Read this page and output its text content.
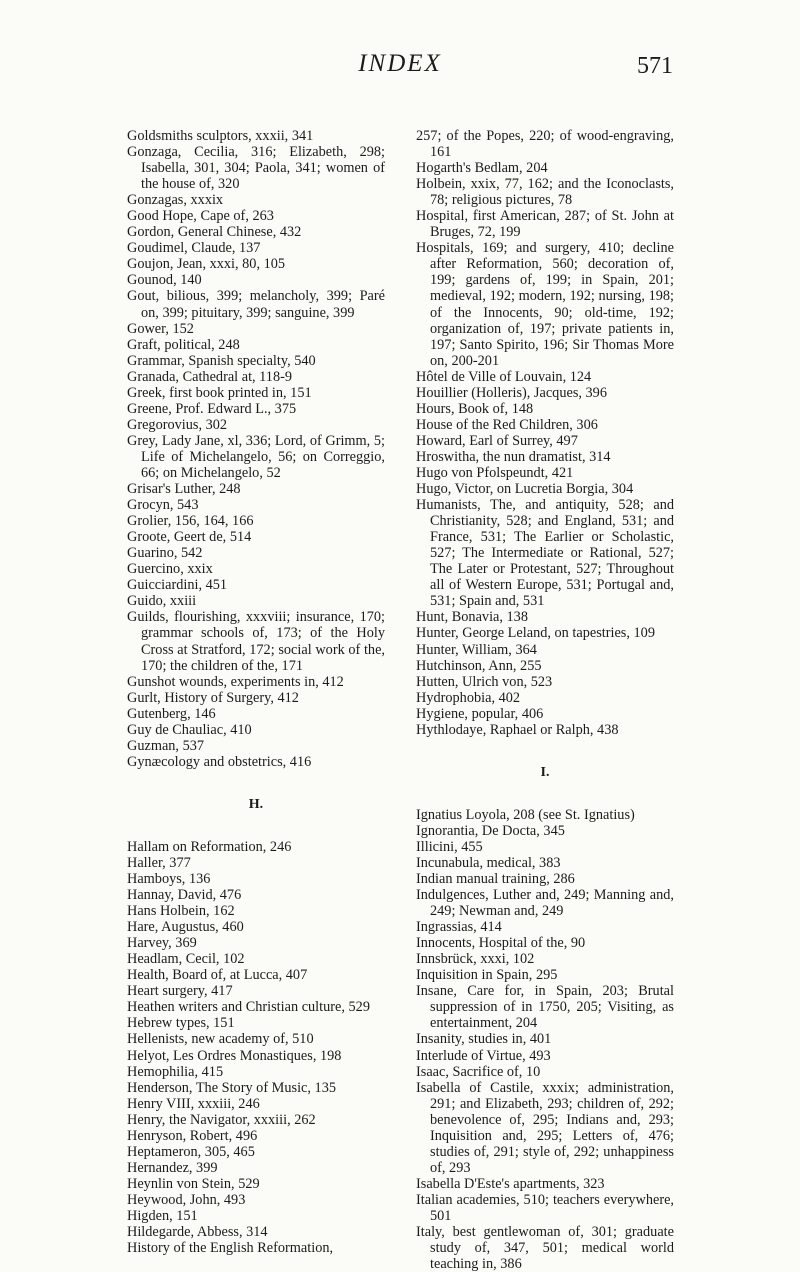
INDEX	571

Goldsmiths sculptors, xxxii, 341

Gonzaga, Cecilia, 316; Elizabeth, 298; Isabella, 301, 304; Paola, 341; women of the house of, 320

Gonzagas, xxxix

Good Hope, Cape of, 263

Gordon, General Chinese, 432

Goudimel, Claude, 137

Goujon, Jean, xxxi, 80, 105

Gounod, 140

Gout, bilious, 399; melancholy, 399; Paré on, 399; pituitary, 399; sanguine, 399

Gower, 152

Graft, political, 248

Grammar, Spanish specialty, 540

Granada, Cathedral at, 118-9

Greek, first book printed in, 151

Greene, Prof. Edward L., 375

Gregorovius, 302

Grey, Lady Jane, xl, 336; Lord, of Grimm, 5; Life of Michelangelo, 56; on Correggio, 66; on Michelangelo, 52

Grisar's Luther, 248

Grocyn, 543

Grolier, 156, 164, 166

Groote, Geert de, 514

Guarino, 542

Guercino, xxix

Guicciardini, 451

Guido, xxiii

Guilds, flourishing, xxxviii; insurance, 170; grammar schools of, 173; of the Holy Cross at Stratford, 172; social work of the, 170; the children of the, 171

Gunshot wounds, experiments in, 412

Gurlt, History of Surgery, 412

Gutenberg, 146

Guy de Chauliac, 410

Guzman, 537

Gynæcology and obstetrics, 416

H.

Hallam on Reformation, 246

Haller, 377

Hamboys, 136

Hannay, David, 476

Hans Holbein, 162

Hare, Augustus, 460

Harvey, 369

Headlam, Cecil, 102

Health, Board of, at Lucca, 407

Heart surgery, 417

Heathen writers and Christian culture, 529

Hebrew types, 151

Hellenists, new academy of, 510

Helyot, Les Ordres Monastiques, 198

Hemophilia, 415

Henderson, The Story of Music, 135

Henry VIII, xxxiii, 246

Henry, the Navigator, xxxiii, 262

Henryson, Robert, 496

Heptameron, 305, 465

Hernandez, 399

Heynlin von Stein, 529

Heywood, John, 493

Higden, 151

Hildegarde, Abbess, 314

History of the English Reformation,

257; of the Popes, 220; of wood-engraving, 161

Hogarth's Bedlam, 204

Holbein, xxix, 77, 162; and the Iconoclasts, 78; religious pictures, 78

Hospital, first American, 287; of St. John at Bruges, 72, 199

Hospitals, 169; and surgery, 410; decline after Reformation, 560; decoration of, 199; gardens of, 199; in Spain, 201; medieval, 192; modern, 192; nursing, 198; of the Innocents, 90; old-time, 192; organization of, 197; private patients in, 197; Santo Spirito, 196; Sir Thomas More on, 200-201

Hôtel de Ville of Louvain, 124

Houillier (Holleris), Jacques, 396

Hours, Book of, 148

House of the Red Children, 306

Howard, Earl of Surrey, 497

Hroswitha, the nun dramatist, 314

Hugo von Pfolspeundt, 421

Hugo, Victor, on Lucretia Borgia, 304

Humanists, The, and antiquity, 528; and Christianity, 528; and England, 531; and France, 531; The Earlier or Scholastic, 527; The Intermediate or Rational, 527; The Later or Protestant, 527; Throughout all of Western Europe, 531; Portugal and, 531; Spain and, 531

Hunt, Bonavia, 138

Hunter, George Leland, on tapestries, 109

Hunter, William, 364

Hutchinson, Ann, 255

Hutten, Ulrich von, 523

Hydrophobia, 402

Hygiene, popular, 406

Hythlodaye, Raphael or Ralph, 438

I.

Ignatius Loyola, 208 (see St. Ignatius)

Ignorantia, De Docta, 345

Illicini, 455

Incunabula, medical, 383

Indian manual training, 286

Indulgences, Luther and, 249; Manning and, 249; Newman and, 249

Ingrassias, 414

Innocents, Hospital of the, 90

Innsbrück, xxxi, 102

Inquisition in Spain, 295

Insane, Care for, in Spain, 203; Brutal suppression of in 1750, 205; Visiting, as entertainment, 204

Insanity, studies in, 401

Interlude of Virtue, 493

Isaac, Sacrifice of, 10

Isabella of Castile, xxxix; administration, 291; and Elizabeth, 293; children of, 292; benevolence of, 295; Indians and, 293; Inquisition and, 295; Letters of, 476; studies of, 291; style of, 292; unhappiness of, 293

Isabella D'Este's apartments, 323

Italian academies, 510; teachers everywhere, 501

Italy, best gentlewoman of, 301; graduate study of, 347, 501; medical world teaching in, 386
